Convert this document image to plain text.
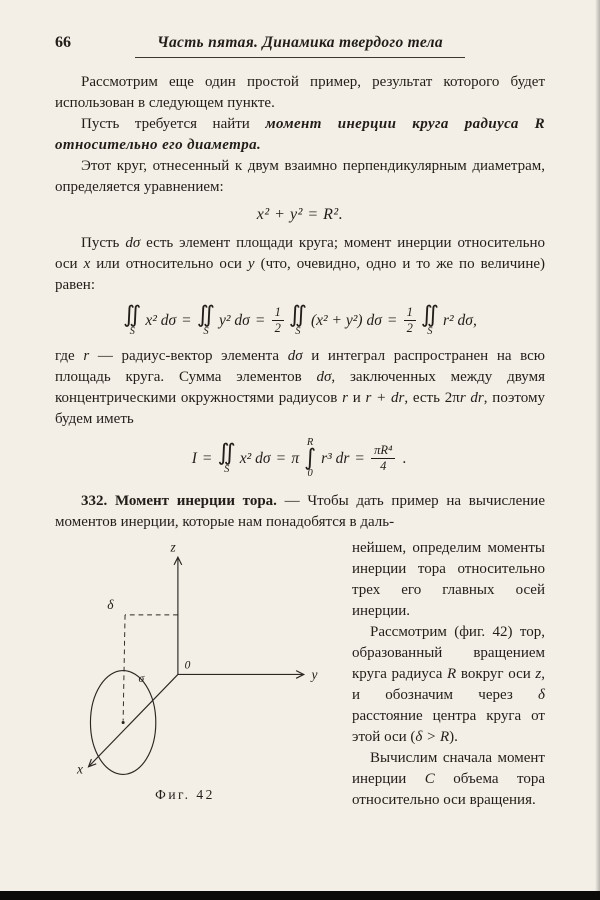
66	Часть пятая. Динамика твердого тела

Рассмотрим еще один простой пример, результат которого будет использован в следующем пункте.

Пусть требуется найти момент инерции круга радиуса R относительно его диаметра.

Этот круг, отнесенный к двум взаимно перпендикулярным диаметрам, определяется уравнением:

x² + y² = R².

Пусть dσ есть элемент площади круга; момент инерции относительно оси x или относительно оси y (что, очевидно, одно и то же по величине) равен:

∬
S
x² dσ = ∬
S
y² $d\sigma = \frac{1}{2}$ ∬
S
(x² + y²) $d\sigma = \frac{1}{2}$ ∬
S
r² dσ,

где r — радиус-вектор элемента dσ и интеграл распространен на всю площадь круга. Сумма элементов dσ, заключенных между двумя концентрическими окружностями радиусов r и r + dr, есть 2πr dr, поэтому будем иметь

I = ∬
S
x² dσ = π
R
∫
0
r³ dr = $\frac{\text{πR⁴}}{4}$ .

332. Момент инерции тора. — Чтобы дать пример на вычисление моментов инерции, которые нам понадобятся в даль-

z
y
x
0
σ
δ
Фиг. 42

нейшем, определим моменты инерции тора относительно трех его главных осей инерции.

Рассмотрим (фиг. 42) тор, образованный вращением круга радиуса R вокруг оси z, и обозначим через δ расстояние центра круга от этой оси (δ > R).

Вычислим сначала момент инерции C объема тора относительно оси вращения.
